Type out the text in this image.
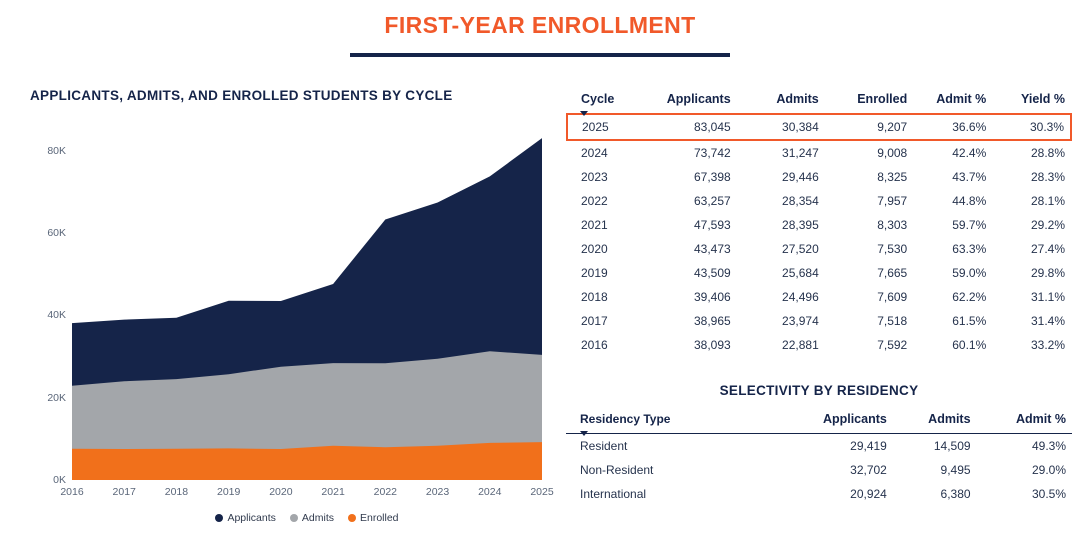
FIRST-YEAR ENROLLMENT
APPLICANTS, ADMITS, AND ENROLLED STUDENTS BY CYCLE
0K
20K
40K
60K
80K
2016	2017	2018	2019	2020	2021	2022	2023	2024	2025
Applicants Admits Enrolled
Cycle	Applicants	Admits	Enrolled	Admit %	Yield %
2025	83,045	30,384	9,207	36.6%	30.3%
2024	73,742	31,247	9,008	42.4%	28.8%
2023	67,398	29,446	8,325	43.7%	28.3%
2022	63,257	28,354	7,957	44.8%	28.1%
2021	47,593	28,395	8,303	59.7%	29.2%
2020	43,473	27,520	7,530	63.3%	27.4%
2019	43,509	25,684	7,665	59.0%	29.8%
2018	39,406	24,496	7,609	62.2%	31.1%
2017	38,965	23,974	7,518	61.5%	31.4%
2016	38,093	22,881	7,592	60.1%	33.2%
SELECTIVITY BY RESIDENCY
Residency Type	Applicants	Admits	Admit %
Resident	29,419	14,509	49.3%
Non-Resident	32,702	9,495	29.0%
International	20,924	6,380	30.5%
